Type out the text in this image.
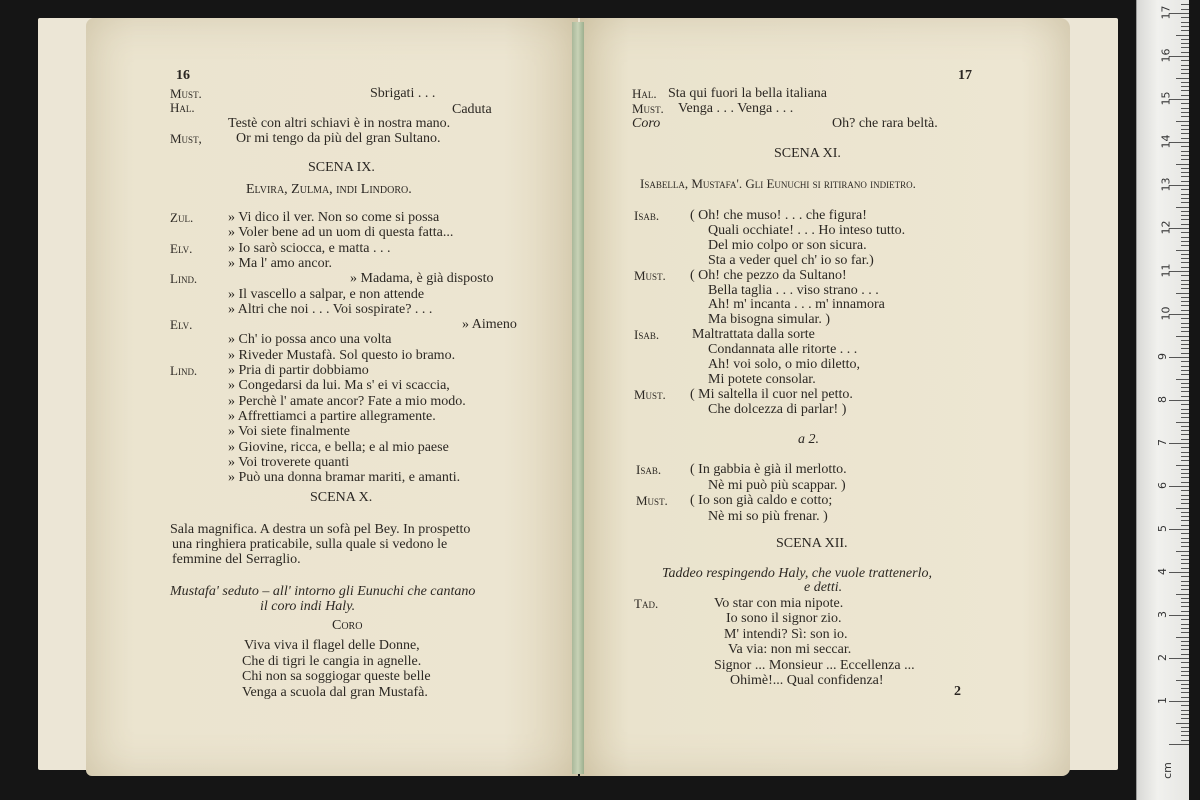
16
Must.	Sbrigati . . .
Hal.	Caduta
Testè con altri schiavi è in nostra mano.
Must, Or mi tengo da più del gran Sultano.
SCENA IX.
Elvira, Zulma, indi Lindoro.
Zul. » Vi dico il ver. Non so come si possa
» Voler bene ad un uom di questa fatta...
Elv.	» Io sarò sciocca, e matta . . .
» Ma l' amo ancor.
Lind.	» Madama, è già disposto
» Il vascello a salpar, e non attende
» Altri che noi . . . Voi sospirate? . . .
Elv.	» Aimeno
» Ch' io possa anco una volta
» Riveder Mustafà. Sol questo io bramo.
Lind. » Pria di partir dobbiamo
» Congedarsi da lui. Ma s' ei vi scaccia,
» Perchè l' amate ancor? Fate a mio modo.
» Affrettiamci a partire allegramente.
» Voi siete finalmente
» Giovine, ricca, e bella; e al mio paese
» Voi troverete quanti
» Può una donna bramar mariti, e amanti.
SCENA X.
Sala magnifica. A destra un sofà pel Bey. In prospetto
una ringhiera praticabile, sulla quale si vedono le
femmine del Serraglio.
Mustafa' seduto – all' intorno gli Eunuchi che cantano
il coro indi Haly.
Coro
Viva viva il flagel delle Donne,
Che di tigri le cangia in agnelle.
Chi non sa soggiogar queste belle
Venga a scuola dal gran Mustafà.
17
Hal. Sta qui fuori la bella italiana
Must. Venga . . . Venga . . .
Coro	Oh? che rara beltà.
SCENA XI.
Isabella, Mustafa'. Gli Eunuchi si ritirano indietro.
Isab. ( Oh! che muso! . . . che figura!
Quali occhiate! . . . Ho inteso tutto.
Del mio colpo or son sicura.
Sta a veder quel ch' io so far.)
Must. ( Oh! che pezzo da Sultano!
Bella taglia . . . viso strano . . .
Ah! m' incanta . . . m' innamora
Ma bisogna simular. )
Isab. Maltrattata dalla sorte
Condannata alle ritorte . . .
Ah! voi solo, o mio diletto,
Mi potete consolar.
Must. ( Mi saltella il cuor nel petto.
Che dolcezza di parlar! )
a 2.
Isab. ( In gabbia è già il merlotto.
Nè mi può più scappar. )
Must. ( Io son già caldo e cotto;
Nè mi so più frenar. )
SCENA XII.
Taddeo respingendo Haly, che vuole trattenerlo,
e detti.
Tad.	Vo star con mia nipote.
Io sono il signor zio.
M' intendi? Sì: son io.
Va via: non mi seccar.
Signor ... Monsieur ... Eccellenza ...
Ohimè!... Qual confidenza!
2
1
2
3
4
5
6
7
8
9
10
11
12
13
14
15
16
17
cm
